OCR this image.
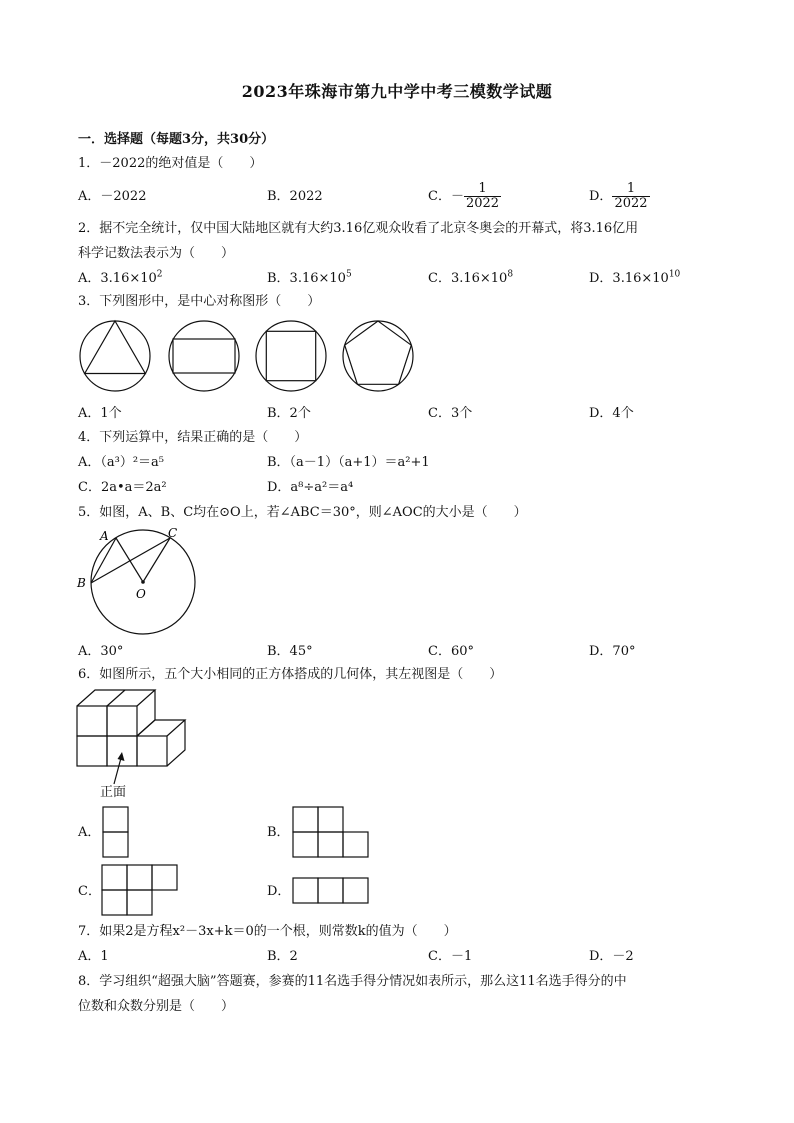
2023年珠海市第九中学中考三模数学试题
一．选择题（每题3分，共30分）
1．－2022的绝对值是（　　）
A．－2022	B．2022	C．－ $\frac{1}{2022}$	D． $\frac{1}{2022}$
2．据不完全统计，仅中国大陆地区就有大约3.16亿观众收看了北京冬奥会的开幕式，将3.16亿用
科学记数法表示为（　　）
A．$3.16\times 10^2$	B．$3.16\times 10^5$	C．$3.16\times 10^8$	D．$3.16\times 10^{10}$
3．下列图形中，是中心对称图形（　　）
A．1个	B．2个	C．3个	D．4个
4．下列运算中，结果正确的是（　　）
A．（a³）²＝a⁵	B．（a－1）（a+1）＝a²+1
C．2a•a＝2a²	D．a⁸÷a²＝a⁴
5．如图，A、B、C均在⊙O上，若∠ABC＝30°，则∠AOC的大小是（　　）
A
B
C
O
A．30°	B．45°	C．60°	D．70°
6．如图所示，五个大小相同的正方体搭成的几何体，其左视图是（　　）
正面
A．	B．
C．	D．
7．如果2是方程x²－3x+k＝0的一个根，则常数k的值为（　　）
A．1	B．2	C．－1	D．－2
8．学习组织“超强大脑”答题赛，参赛的11名选手得分情况如表所示，那么这11名选手得分的中
位数和众数分别是（　　）
